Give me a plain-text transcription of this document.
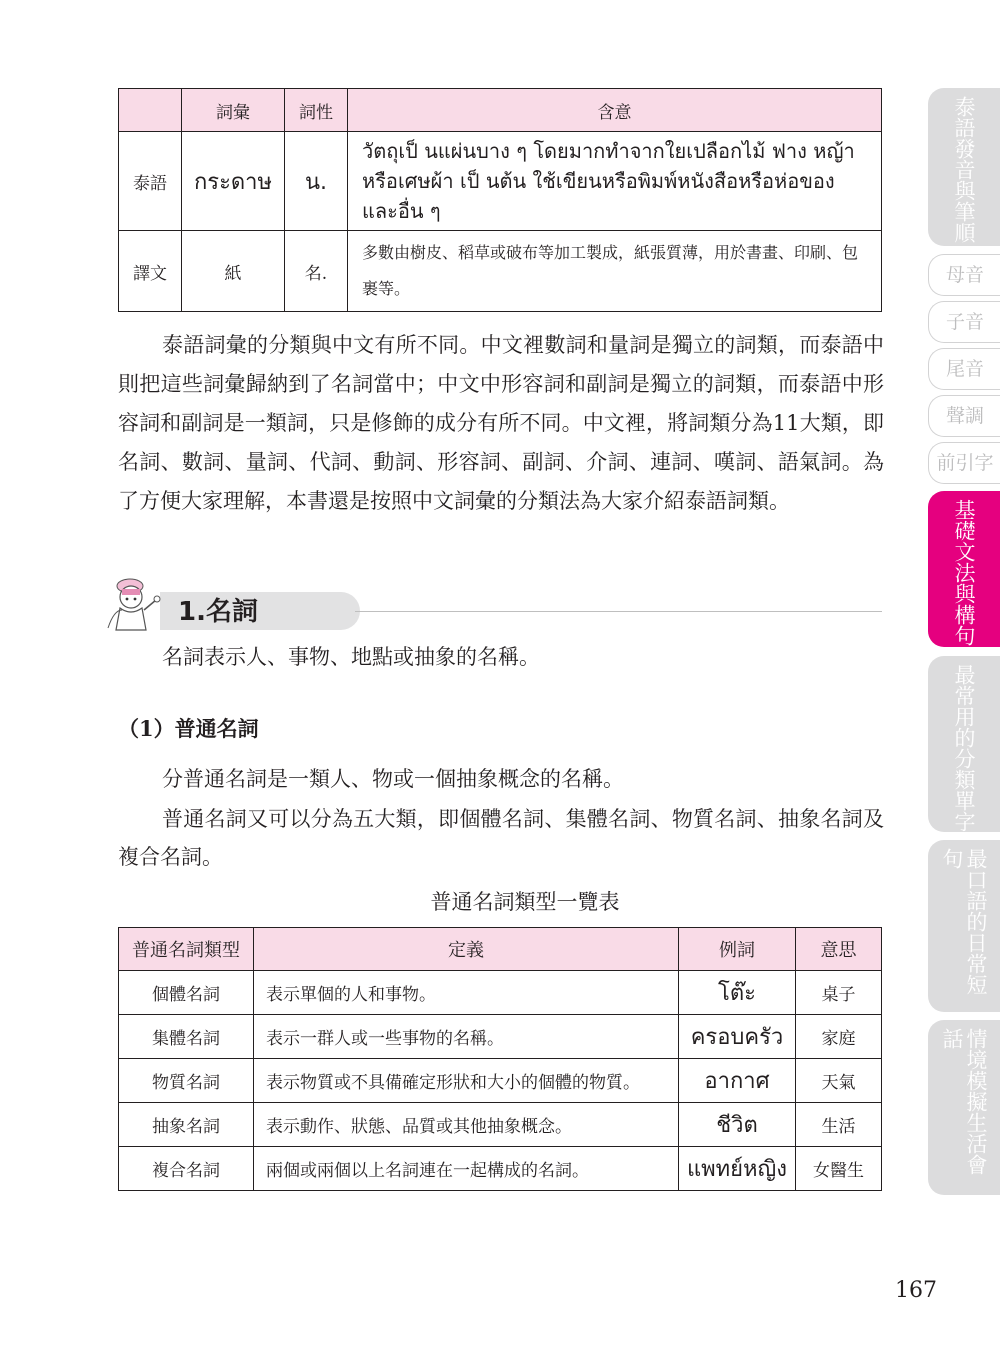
	詞彙	詞性	含意
泰語	กระดาษ	น.	วัตถุเป็ นแผ่นบาง ๆ โดยมากทำจากใยเปลือกไม้ ฟาง หญ้า หรือเศษผ้า เป็ นต้น ใช้เขียนหรือพิมพ์หนังสือหรือห่อของและอื่น ๆ
譯文	紙	名.	多數由樹皮、稻草或破布等加工製成，紙張質薄，用於書畫、印刷、包裹等。
泰語詞彙的分類與中文有所不同。中文裡數詞和量詞是獨立的詞類，而泰語中則把這些詞彙歸納到了名詞當中；中文中形容詞和副詞是獨立的詞類，而泰語中形容詞和副詞是一類詞，只是修飾的成分有所不同。中文裡，將詞類分為11大類，即名詞、數詞、量詞、代詞、動詞、形容詞、副詞、介詞、連詞、嘆詞、語氣詞。為了方便大家理解，本書還是按照中文詞彙的分類法為大家介紹泰語詞類。
1.名詞
名詞表示人、事物、地點或抽象的名稱。
（1）普通名詞
分普通名詞是一類人、物或一個抽象概念的名稱。
普通名詞又可以分為五大類，即個體名詞、集體名詞、物質名詞、抽象名詞及複合名詞。
普通名詞類型一覽表
普通名詞類型	定義	例詞	意思
個體名詞	表示單個的人和事物。	โต๊ะ	桌子
集體名詞	表示一群人或一些事物的名稱。	ครอบครัว	家庭
物質名詞	表示物質或不具備確定形狀和大小的個體的物質。	อากาศ	天氣
抽象名詞	表示動作、狀態、品質或其他抽象概念。	ชีวิต	生活
複合名詞	兩個或兩個以上名詞連在一起構成的名詞。	แพทย์หญิง	女醫生
泰語發音與筆順
母音
子音
尾音
聲調
前引字
基礎文法與構句
最常用的分類單字
最口語的日常短句
情境模擬生活會話
167
